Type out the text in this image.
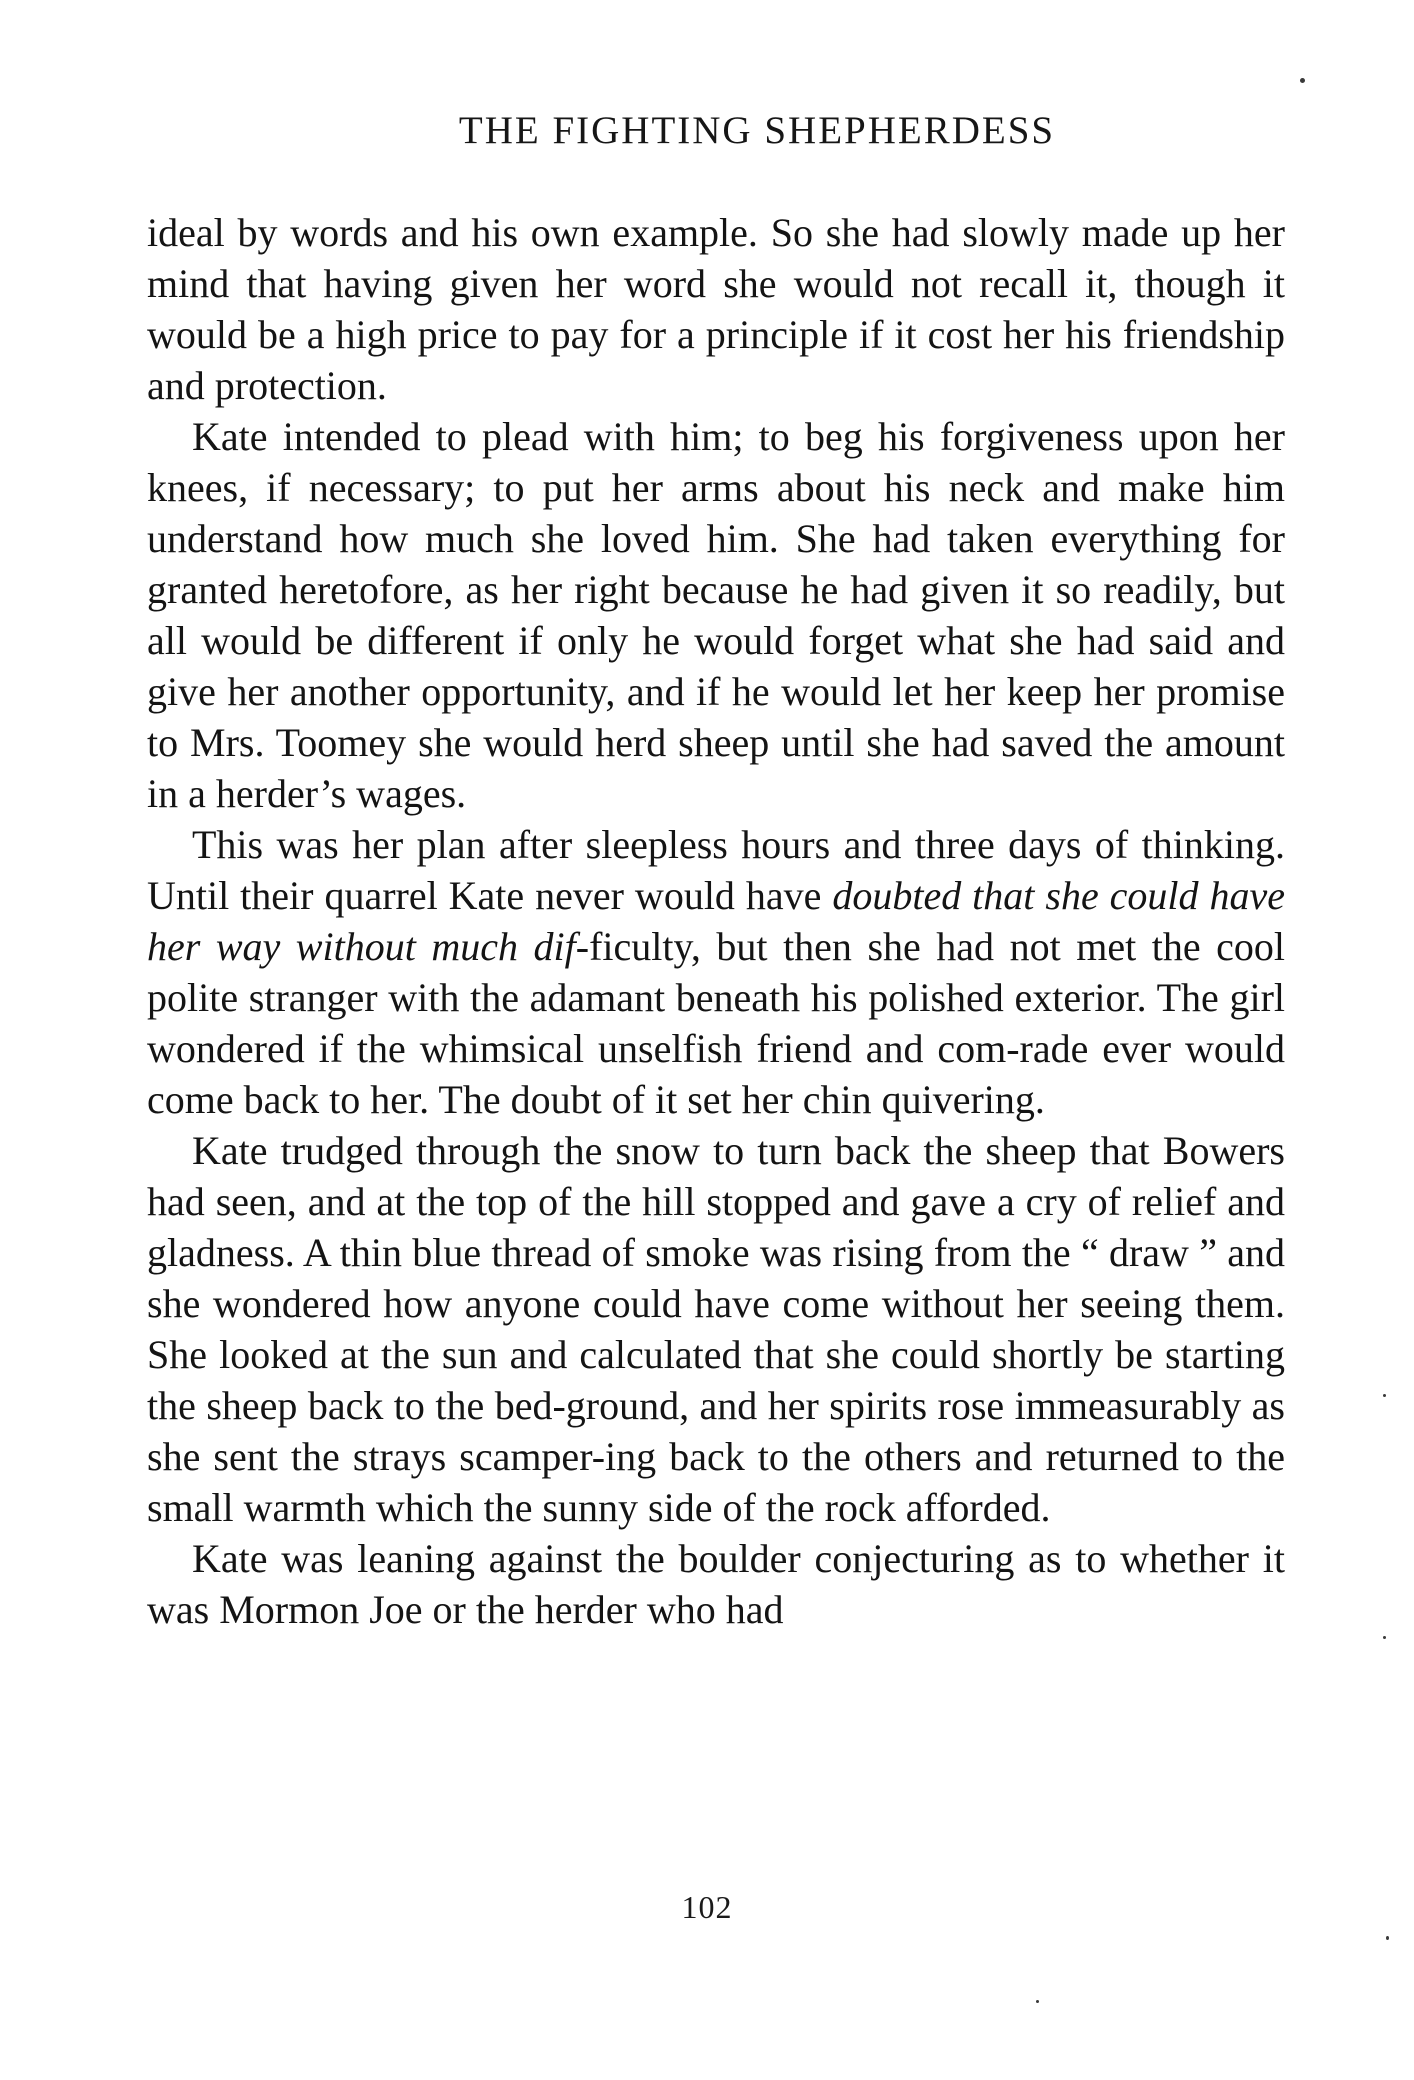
THE FIGHTING SHEPHERDESS

ideal by words and his own example. So she had slowly made up her mind that having given her word she would not recall it, though it would be a high price to pay for a principle if it cost her his friendship and protection.

Kate intended to plead with him; to beg his forgiveness upon her knees, if necessary; to put her arms about his neck and make him understand how much she loved him. She had taken everything for granted heretofore, as her right because he had given it so readily, but all would be different if only he would forget what she had said and give her another opportunity, and if he would let her keep her promise to Mrs. Toomey she would herd sheep until she had saved the amount in a herder’s wages.

This was her plan after sleepless hours and three days of thinking. Until their quarrel Kate never would have doubted that she could have her way without much dif-ficulty, but then she had not met the cool polite stranger with the adamant beneath his polished exterior. The girl wondered if the whimsical unselfish friend and com-rade ever would come back to her. The doubt of it set her chin quivering.

Kate trudged through the snow to turn back the sheep that Bowers had seen, and at the top of the hill stopped and gave a cry of relief and gladness. A thin blue thread of smoke was rising from the “ draw ” and she wondered how anyone could have come without her seeing them. She looked at the sun and calculated that she could shortly be starting the sheep back to the bed-ground, and her spirits rose immeasurably as she sent the strays scamper-ing back to the others and returned to the small warmth which the sunny side of the rock afforded.

Kate was leaning against the boulder conjecturing as to whether it was Mormon Joe or the herder who had

102
